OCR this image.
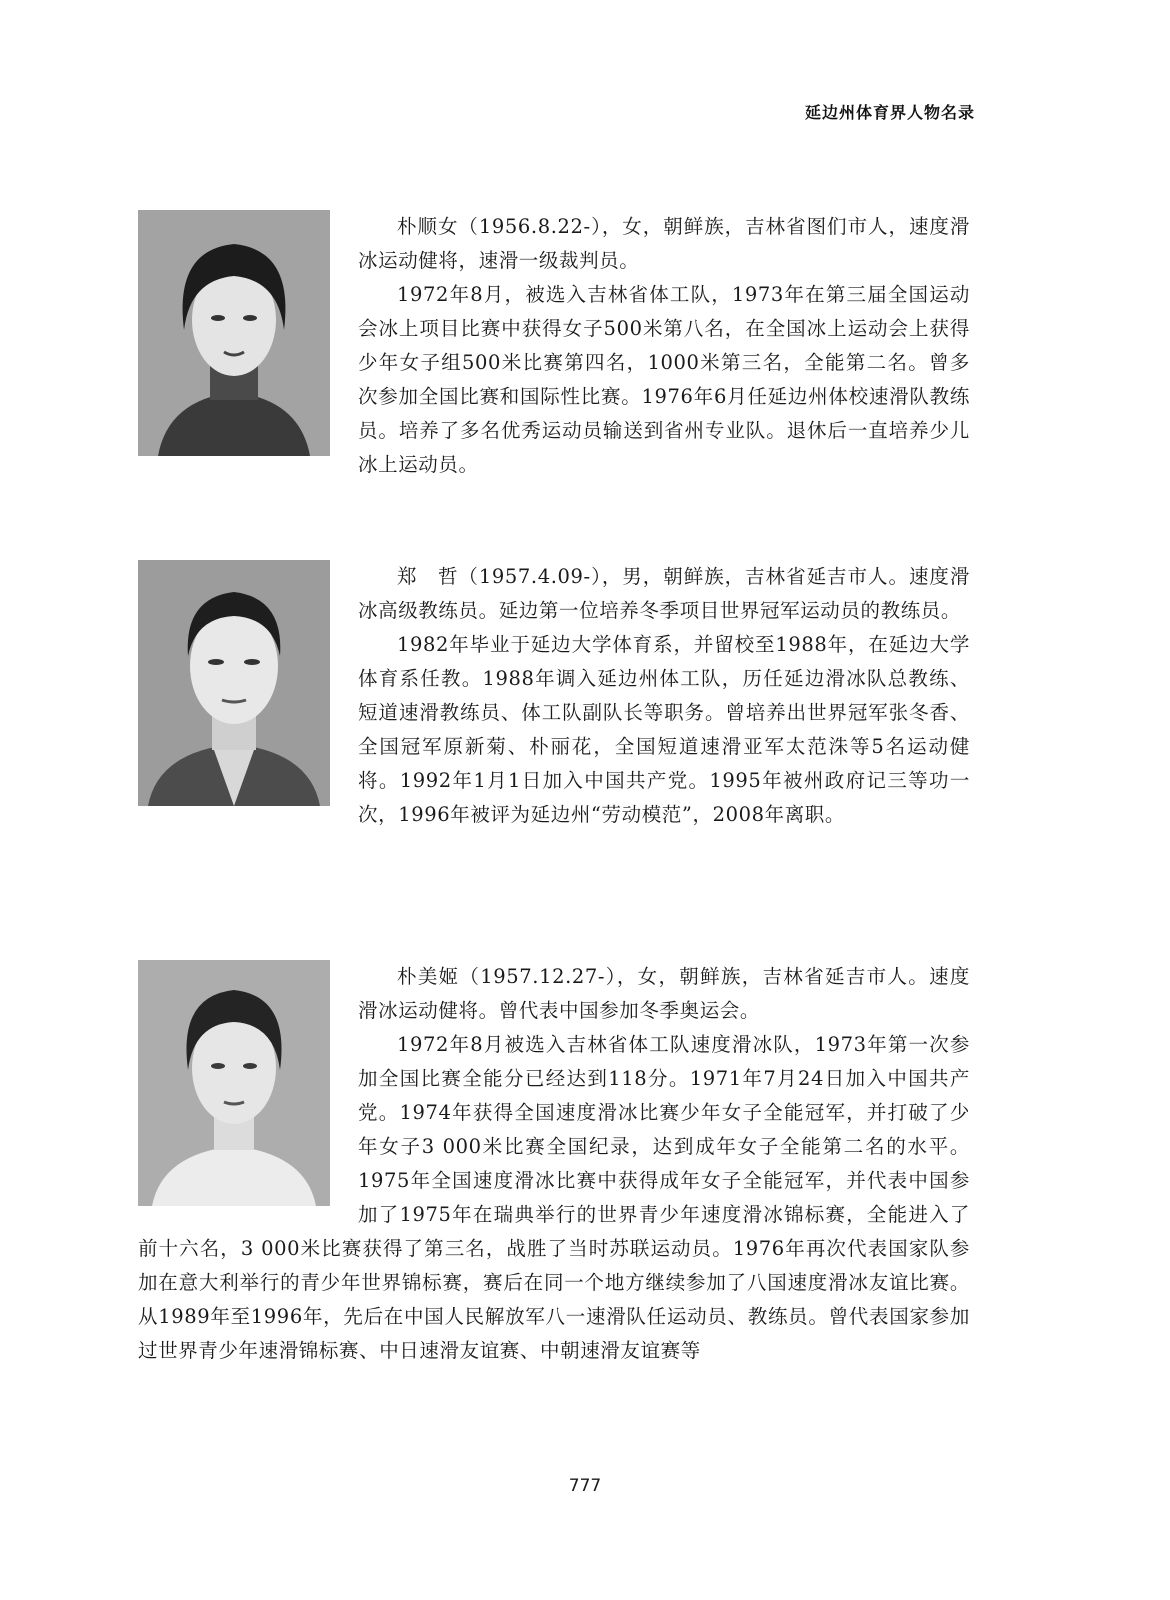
延边州体育界人物名录

朴顺女（1956.8.22-），女，朝鲜族，吉林省图们市人，速度滑冰运动健将，速滑一级裁判员。

1972年8月，被选入吉林省体工队，1973年在第三届全国运动会冰上项目比赛中获得女子500米第八名，在全国冰上运动会上获得少年女子组500米比赛第四名，1000米第三名，全能第二名。曾多次参加全国比赛和国际性比赛。1976年6月任延边州体校速滑队教练员。培养了多名优秀运动员输送到省州专业队。退休后一直培养少儿冰上运动员。

郑　哲（1957.4.09-），男，朝鲜族，吉林省延吉市人。速度滑冰高级教练员。延边第一位培养冬季项目世界冠军运动员的教练员。

1982年毕业于延边大学体育系，并留校至1988年，在延边大学体育系任教。1988年调入延边州体工队，历任延边滑冰队总教练、短道速滑教练员、体工队副队长等职务。曾培养出世界冠军张冬香、全国冠军原新菊、朴丽花，全国短道速滑亚军太范洙等5名运动健将。1992年1月1日加入中国共产党。1995年被州政府记三等功一次，1996年被评为延边州“劳动模范”，2008年离职。

朴美姬（1957.12.27-），女，朝鲜族，吉林省延吉市人。速度滑冰运动健将。曾代表中国参加冬季奥运会。

1972年8月被选入吉林省体工队速度滑冰队，1973年第一次参加全国比赛全能分已经达到118分。1971年7月24日加入中国共产党。1974年获得全国速度滑冰比赛少年女子全能冠军，并打破了少年女子3 000米比赛全国纪录，达到成年女子全能第二名的水平。1975年全国速度滑冰比赛中获得成年女子全能冠军，并代表中国参加了1975年在瑞典举行的世界青少年速度滑冰锦标赛，全能进入了前十六名，3 000米比赛获得了第三名，战胜了当时苏联运动员。1976年再次代表国家队参加在意大利举行的青少年世界锦标赛，赛后在同一个地方继续参加了八国速度滑冰友谊比赛。从1989年至1996年，先后在中国人民解放军八一速滑队任运动员、教练员。曾代表国家参加过世界青少年速滑锦标赛、中日速滑友谊赛、中朝速滑友谊赛等

777
